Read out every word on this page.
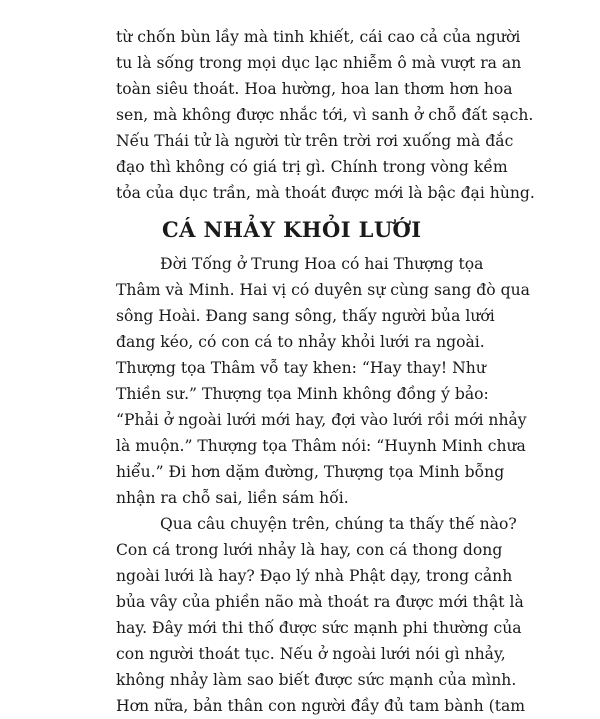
từ chốn bùn lầy mà tinh khiết, cái cao cả của người
tu là sống trong mọi dục lạc nhiễm ô mà vượt ra an
toàn siêu thoát. Hoa hường, hoa lan thơm hơn hoa
sen, mà không được nhắc tới, vì sanh ở chỗ đất sạch.
Nếu Thái tử là người từ trên trời rơi xuống mà đắc
đạo thì không có giá trị gì. Chính trong vòng kềm
tỏa của dục trần, mà thoát được mới là bậc đại hùng.
CÁ NHẢY KHỎI LƯỚI
Đời Tống ở Trung Hoa có hai Thượng tọa
Thâm và Minh. Hai vị có duyên sự cùng sang đò qua
sông Hoài. Đang sang sông, thấy người bủa lưới
đang kéo, có con cá to nhảy khỏi lưới ra ngoài.
Thượng tọa Thâm vỗ tay khen: “Hay thay! Như
Thiền sư.” Thượng tọa Minh không đồng ý bảo:
“Phải ở ngoài lưới mới hay, đợi vào lưới rồi mới nhảy
là muộn.” Thượng tọa Thâm nói: “Huynh Minh chưa
hiểu.” Đi hơn dặm đường, Thượng tọa Minh bỗng
nhận ra chỗ sai, liền sám hối.
Qua câu chuyện trên, chúng ta thấy thế nào?
Con cá trong lưới nhảy là hay, con cá thong dong
ngoài lưới là hay? Đạo lý nhà Phật dạy, trong cảnh
bủa vây của phiền não mà thoát ra được mới thật là
hay. Đây mới thi thố được sức mạnh phi thường của
con người thoát tục. Nếu ở ngoài lưới nói gì nhảy,
không nhảy làm sao biết được sức mạnh của mình.
Hơn nữa, bản thân con người đầy đủ tam bành (tam
